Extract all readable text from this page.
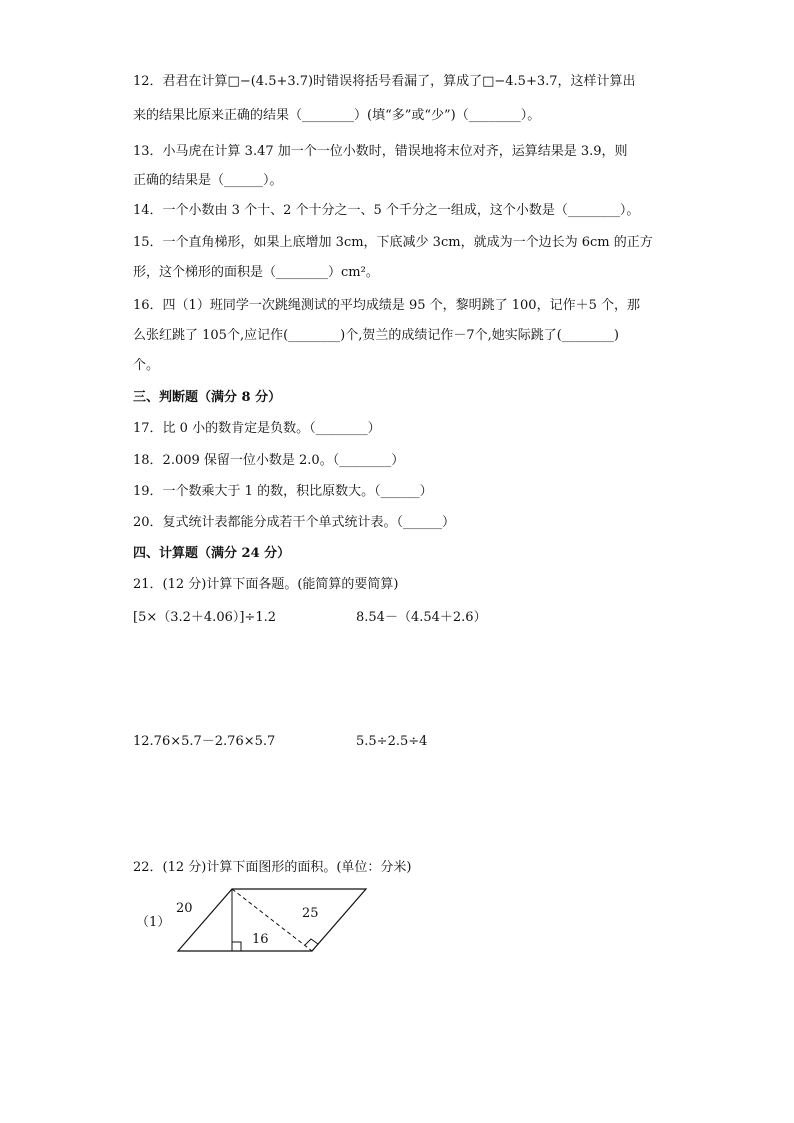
12．君君在计算□−(4.5+3.7)时错误将括号看漏了，算成了□−4.5+3.7，这样计算出
来的结果比原来正确的结果（________）(填“多”或“少”)（________）。
13．小马虎在计算 3.47 加一个一位小数时，错误地将末位对齐，运算结果是 3.9，则
正确的结果是（______）。
14．一个小数由 3 个十、2 个十分之一、5 个千分之一组成，这个小数是（________）。
15．一个直角梯形，如果上底增加 3cm，下底减少 3cm，就成为一个边长为 6cm 的正方
形，这个梯形的面积是（________）cm²。
16．四（1）班同学一次跳绳测试的平均成绩是 95 个，黎明跳了 100，记作＋5 个，那
么张红跳了 105个,应记作(________)个,贺兰的成绩记作－7个,她实际跳了(________)
个。
三、判断题（满分 8 分）
17．比 0 小的数肯定是负数。（________）
18．2.009 保留一位小数是 2.0。（________）
19．一个数乘大于 1 的数，积比原数大。（______）
20．复式统计表都能分成若干个单式统计表。（______）
四、计算题（满分 24 分）
21．(12 分)计算下面各题。(能简算的要简算)
[5×（3.2＋4.06）]÷1.2	8.54－（4.54＋2.6）
12.76×5.7－2.76×5.7	5.5÷2.5÷4
22．(12 分)计算下面图形的面积。(单位：分米)
（1）
20	25
16
